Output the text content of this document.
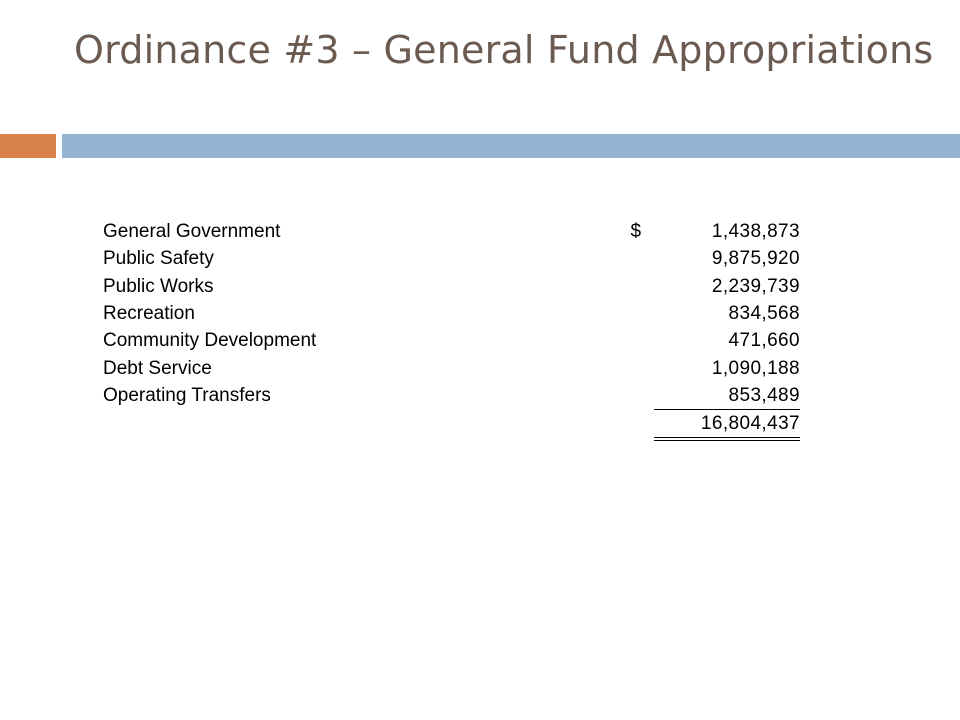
Ordinance #3 – General Fund Appropriations
General Government	$	1,438,873
Public Safety		9,875,920
Public Works		2,239,739
Recreation		834,568
Community Development		471,660
Debt Service		1,090,188
Operating Transfers		853,489
		16,804,437
